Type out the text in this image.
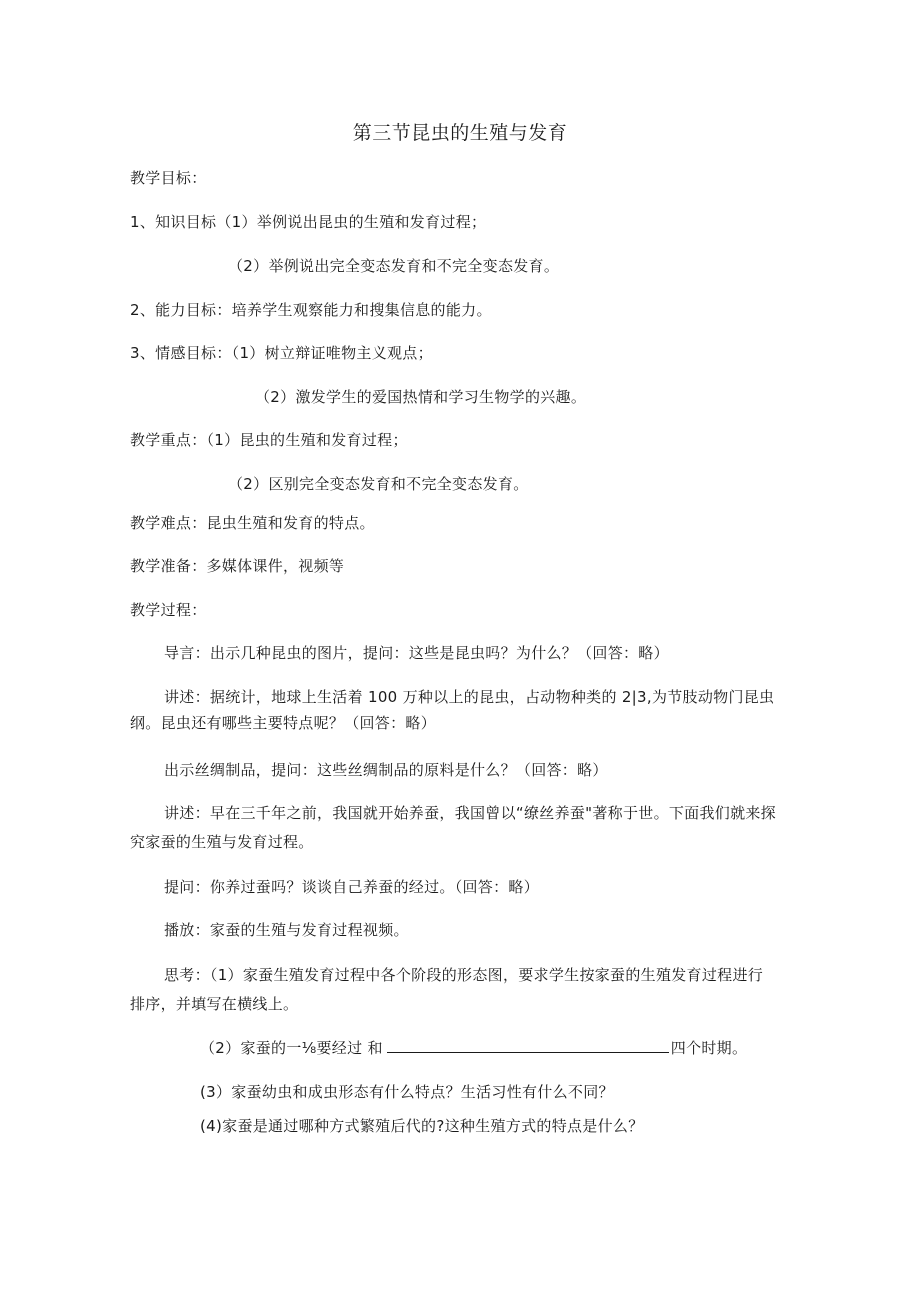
第三节昆虫的生殖与发育
教学目标：
1、知识目标（1）举例说出昆虫的生殖和发育过程；
（2）举例说出完全变态发育和不完全变态发育。
2、能力目标：培养学生观察能力和搜集信息的能力。
3、情感目标：（1）树立辩证唯物主义观点；
（2）激发学生的爱国热情和学习生物学的兴趣。
教学重点：（1）昆虫的生殖和发育过程；
（2）区别完全变态发育和不完全变态发育。
教学难点：昆虫生殖和发育的特点。
教学准备：多媒体课件，视频等
教学过程：
导言：出示几种昆虫的图片，提问：这些是昆虫吗？为什么？（回答：略）
讲述：据统计，地球上生活着 100 万种以上的昆虫，占动物种类的 2|3,为节肢动物门昆虫
纲。昆虫还有哪些主要特点呢？（回答：略）
出示丝绸制品，提问：这些丝绸制品的原料是什么？（回答：略）
讲述：早在三千年之前，我国就开始养蚕，我国曾以“缭丝养蚕"著称于世。下面我们就来探
究家蚕的生殖与发育过程。
提问：你养过蚕吗？谈谈自己养蚕的经过。（回答：略）
播放：家蚕的生殖与发育过程视频。
思考：（1）家蚕生殖发育过程中各个阶段的形态图，要求学生按家蚕的生殖发育过程进行
排序，并填写在横线上。
（2）家蚕的一⅛要经过 和	四个时期。
(3）家蚕幼虫和成虫形态有什么特点？生活习性有什么不同？
(4)家蚕是通过哪种方式繁殖后代的?这种生殖方式的特点是什么？
